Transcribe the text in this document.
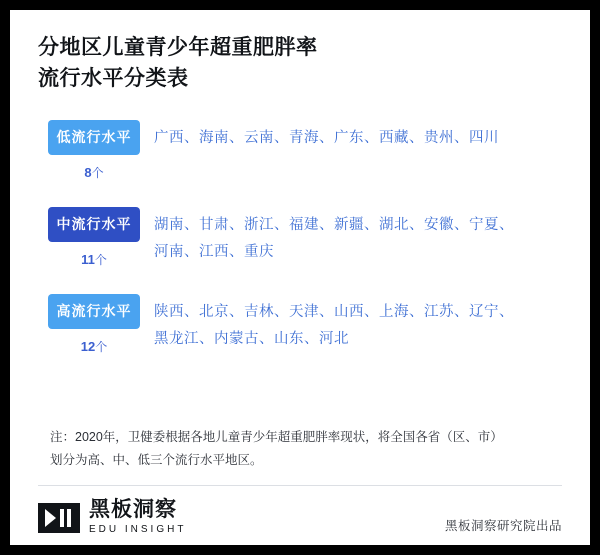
分地区儿童青少年超重肥胖率
流行水平分类表
低流行水平
8个
广西、海南、云南、青海、广东、西藏、贵州、四川
中流行水平
11个
湖南、甘肃、浙江、福建、新疆、湖北、安徽、宁夏、
河南、江西、重庆
高流行水平
12个
陕西、北京、吉林、天津、山西、上海、江苏、辽宁、
黑龙江、内蒙古、山东、河北
注：2020年，卫健委根据各地儿童青少年超重肥胖率现状，将全国各省（区、市）
划分为高、中、低三个流行水平地区。
黑板洞察
EDU INSIGHT	黑板洞察研究院出品
